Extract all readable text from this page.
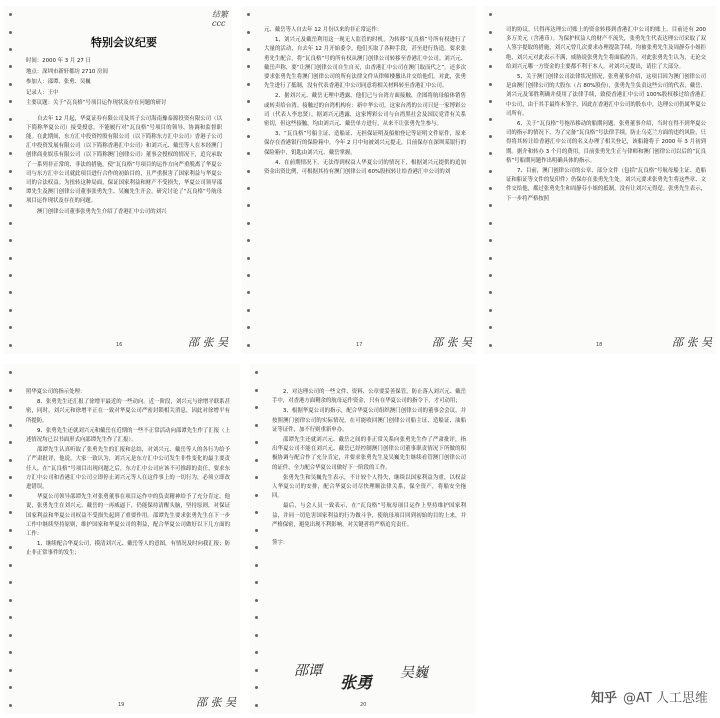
结繁 ccc

特别会议纪要

时间：2000 年 3 月 27 日
地点：深圳市新轩都坊 2710 房间
参加人：邵谭、张勇、吴巍
记录人：王中
主要议题：关于“瓦良格”号项目运作现状及存在问题的研讨

自去年 12 月起，华夏证券有限公司及其子公司海南豫泰源投资有限公司（以下简称华夏公司）接受授意，不能履行对“瓦良格”号项目的领导、协调和监督职能。在此期间，东方汇中投资控股有限公司（以下简称东方汇中公司）香港子公司汇中投资发展有限公司（以下简称香港汇中公司）和刘兴元、戴岳等人在本经澳门创律商业娱乐有限公司（以下简称澳门创律公司）董事会授权的情况下，追究承取了一系列非正常的、非法的措施，使“瓦良格”号项目的运作方向严重脱离了华夏公司与东方汇中公司就此项目进行合作的初始目的，且严重损害了国家利益与华夏公司的合法权益。为扭转这种局面，保证国家利益和财产不受损失，华夏公司领导邵谭先生及澳门创律公司董事张勇先生、吴巍先生开会，研究讨论了“瓦良格”号航母项目运作现状及存在的问题。

澳门创律公司董事张勇先生介绍了香港汇中公司的刘兴

16	邵 张 吴

元、戴岳等人自去年 12 月份以来的非正常运作：

1、刘兴元及戴岳利用这一现无人监管的时机，为转移“瓦良格”号所有权进行了大量的活动，自去年 12 月开始委令，他们买取了各种手段，甚至进行伪造，要求张勇先生配合，将“瓦良格”号的所有权从澳门创律公司转移至香港汇中公司。刘兴元、戴岳声称，要“让澳门创律公司自生自灭，由香港汇中公司在澳门取而代之”。还多次要求张勇先生将澳门创律公司的所有法律文件从律师楼撤出并交给他们。对此，张勇先生进行了抵制，没有代表香港汇中公司同意将相关材料转至香港汇中公司。

2、据刘兴元、戴岳无理中透露，他们已与台湾方面接触，企图将航母船体销售或转卖给台湾。接触过的台湾机构有：新中华公司，这家台湾的公司只是一家博彩公司（代表人李忠贤），据刘兴元透露，这家博彩公司与台湾黑社会及国民党背有关系密切，但这些接触，均由刘兴元、戴岳单方进行，从来不让张勇先生参与。

3、“瓦良格”号船主证、造船证、无担保证明及船舶登记等证明文件原件，原来保存在香港银行的保险箱中。今年 2 月中旬被刘兴元提走，目前保存在深圳某银行的保险箱中，钥匙由刘兴元、戴岳掌握。

4、在前期情况下，无法得到权益人华夏公司的情况下，根据刘兴元提供的追加资金出资比例，可根据其持有澳门创律公司 60%股权转让给香港汇中公司的刘

17	邵 张 吴

司的协议，只得再达理公司账上的资金转移到香港汇中公司的账上。目前还有 200 多万美元（含港币）。为保护权益人的财产不流失，张勇先生代表达理公司采取了双人签字提取的措施，刘兴元曾几次要求办理提款手续，均被张勇先生及周静芬小姐拒绝，刘兴元对此表示不满，威胁说张勇先生将面临控告。对此张勇先生认为，无论交给刘兴元哪一方资金的主要都不利于本人。对刘兴元提出，请往了大部分。

5、关于澳门创律公司法律状况情况，张勇董事介绍，这项目因为澳门创律公司是由澳门创律公司的大股东（占 80%股份），张勇先生负责这些公司的代表，戴岳、刘兴元及邹胜利确并使用了法律手续，致使香港汇中公司 100%股权移过给香港汇中公司，由于其手最终未签字，因此在香港汇中公司的股东中，达理公司仍属华夏公司所有。

6、关于“瓦良格”号拖吊移动的船期问题。张勇董事介绍，当时在得不到华夏公司的指示的情况下，为了完备“瓦良格”号法律手续，防止乌克兰方面的违约风险，只得将其转让给香港汇中公司的名义办理了相关登记，该船籍将于 2000 年 3 月初到期。据介和转办 3 个月的费用，目前张勇先生正与律师和澳门创律公司以后的“瓦良格”号船期问题作出明确具体的指示。

7、目前，澳门创律公司的公章、部分文件（包括“瓦良格”号航母船主证、造船证和船证等文件的复印件）仍保存在张勇先生处。刘兴元要求张勇先生将这些章、文件交给他，都过张勇先生和周静芬小姐的抵制，没有让刘兴元得逞。张勇先生表示，下一步将严格按照

18	邵 张 吴

照华夏公司的指示处理：

8、张勇先生还汇报了徐增平最近的一些动向。近一阶段，刘兴元与徐增平联系甚密，同时，刘兴元和徐增平正在一致对华夏公司严密封锁相关消息，因此对徐增平有所提防。

9、张勇先生还就刘兴元和戴岳在近期的一些不正常活动向邵谭先生作了汇报（上述情况均已以书面形式向邵谭先生作了汇报）。

邵谭先生认真听取了张勇先生的汇报和总结，对刘兴元、戴岳等人的各行为给予了严肃批评，他说，大家一致认为，刘兴元是东方汇中公司发生非性变化的最主要责任人，在“瓦良格”号项目出现问题之后，东方汇中公司应该不可推卸的责任，要求东方汇中公司和香港汇中公司立即停止刘兴元等人在这件事上的一切行为，必须立即改进错误。

华夏公司领导邵谭先生对张勇董事在项目运作中的负责精神给予了充分肯定，他说，张勇先生在刘兴元、戴岳的一再威逼下，仍能保持清醒头脑，坚持原则，对保证国家利益和华夏公司权益不受损失起到了重要作用。邵谭先生要求张勇先生在下一步工作中继续坚持原则，维护国家和华夏公司的利益，配合华夏公司做好以下几方面的工作：

1、继续配合华夏公司，摸清刘兴元、戴岳等人的意图，有情况及时向我汇报；防止非正常事件的发生；

19	邵 张 吴

2、对达理公司的一些文件、资料、公章要妥善保管，防止落入刘兴元、戴岳手中，对香港方面剩余的航母运作资金，只有在华夏公司的指令下，才可动用；

3、根据华夏公司的指示，配合华夏公司组织澳门创律公司的董事会会议，并按照澳门创律公司的实际情况，在可能收回澳门创律公司船主证、造船证、油船证等证件，加不行则重新申办。

邵谭先生还就刘兴元、戴岳之间的非正常关系向张勇先生作了严肃批评，指出华夏公司不能在刘兴元、戴岳已经控制澳门创律公司董事职责情况下所做的积极协调与配合作了充分肯定，并要求张勇先生及吴巍先生继续看管澳门创律公司的证件，全力配合华夏公司做好下一阶段的工作。

张勇先生和吴巍先生表示，不计较个人得失，继续以国家利益为重，以权益人华夏公司的安排，配合华夏公司尽快理顺法律关系，保全资产，将船安全拖回。

最后，与会人员一致表示，在“瓦良格”号航母项目运作上坚持维护国家利益，并同一切危害国家利益的行为做斗争，使航母项目回到初始的目的上来，并严格保密，避免出现不利影响，对关键者将严格追究责任。

签字：
邵谭
张勇 吴巍
20	知乎 @AT 人工思维
